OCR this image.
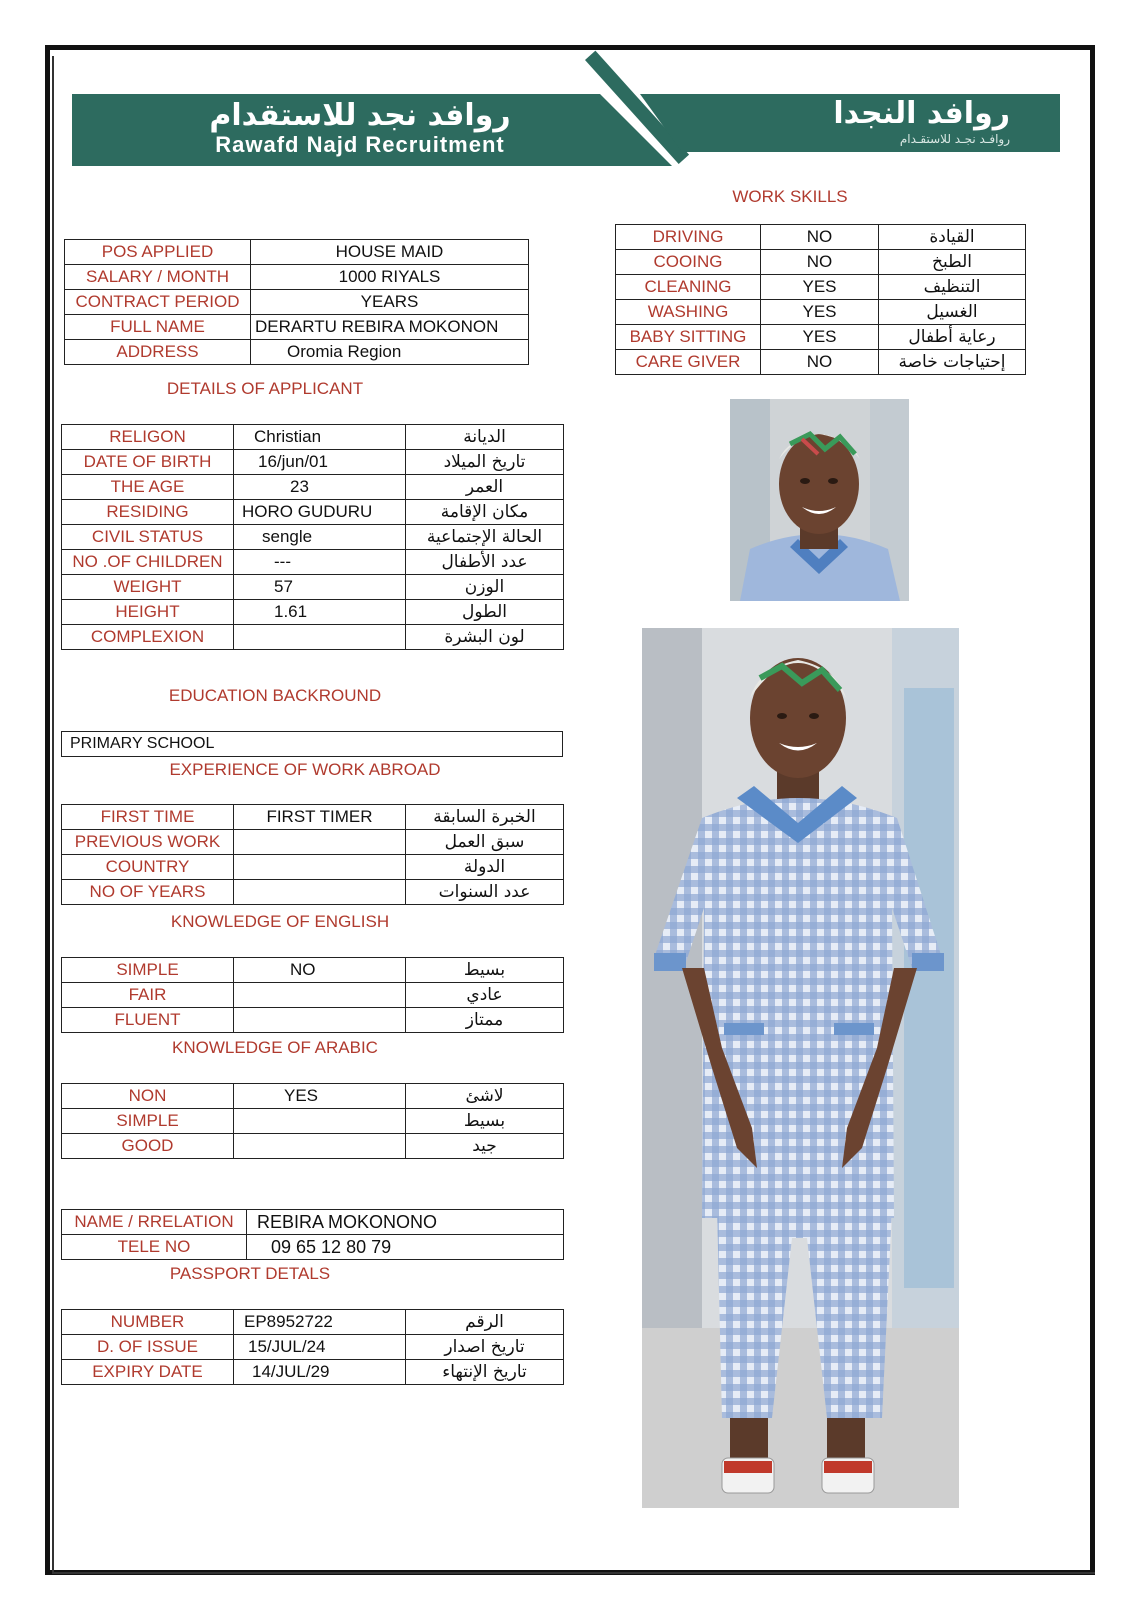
روافد نجد للاستقدام
Rawafd Najd Recruitment
روافد النجدا
روافـد نجـد للاستقـدام
WORK SKILLS
DRIVING	NO	القيادة
COOING	NO	الطبخ
CLEANING	YES	التنظيف
WASHING	YES	الغسيل
BABY SITTING	YES	رعاية أطفال
CARE GIVER	NO	إحتياجات خاصة
POS APPLIED	HOUSE MAID
SALARY / MONTH	1000 RIYALS
CONTRACT PERIOD	YEARS
FULL NAME	DERARTU REBIRA MOKONON
ADDRESS	Oromia Region
DETAILS OF APPLICANT
RELIGON	Christian	الديانة
DATE OF BIRTH	16/jun/01	تاريخ الميلاد
THE AGE	23	العمر
RESIDING	HORO GUDURU	مكان الإقامة
CIVIL STATUS	sengle	الحالة الإجتماعية
NO .OF CHILDREN	---	عدد الأطفال
WEIGHT	57	الوزن
HEIGHT	1.61	الطول
COMPLEXION		لون البشرة
EDUCATION BACKROUND
PRIMARY SCHOOL
EXPERIENCE OF WORK ABROAD
FIRST TIME	FIRST TIMER	الخبرة السابقة
PREVIOUS WORK		سبق العمل
COUNTRY		الدولة
NO OF YEARS		عدد السنوات
KNOWLEDGE OF ENGLISH
SIMPLE	NO	بسيط
FAIR		عادي
FLUENT		ممتاز
KNOWLEDGE OF ARABIC
NON	YES	لاشئ
SIMPLE		بسيط
GOOD		جيد
NAME / RRELATION	REBIRA MOKONONO
TELE NO	09 65 12 80 79
PASSPORT DETALS
NUMBER	EP8952722	الرقم
D. OF ISSUE	15/JUL/24	تاريخ اصدار
EXPIRY DATE	14/JUL/29	تاريخ الإنتهاء
